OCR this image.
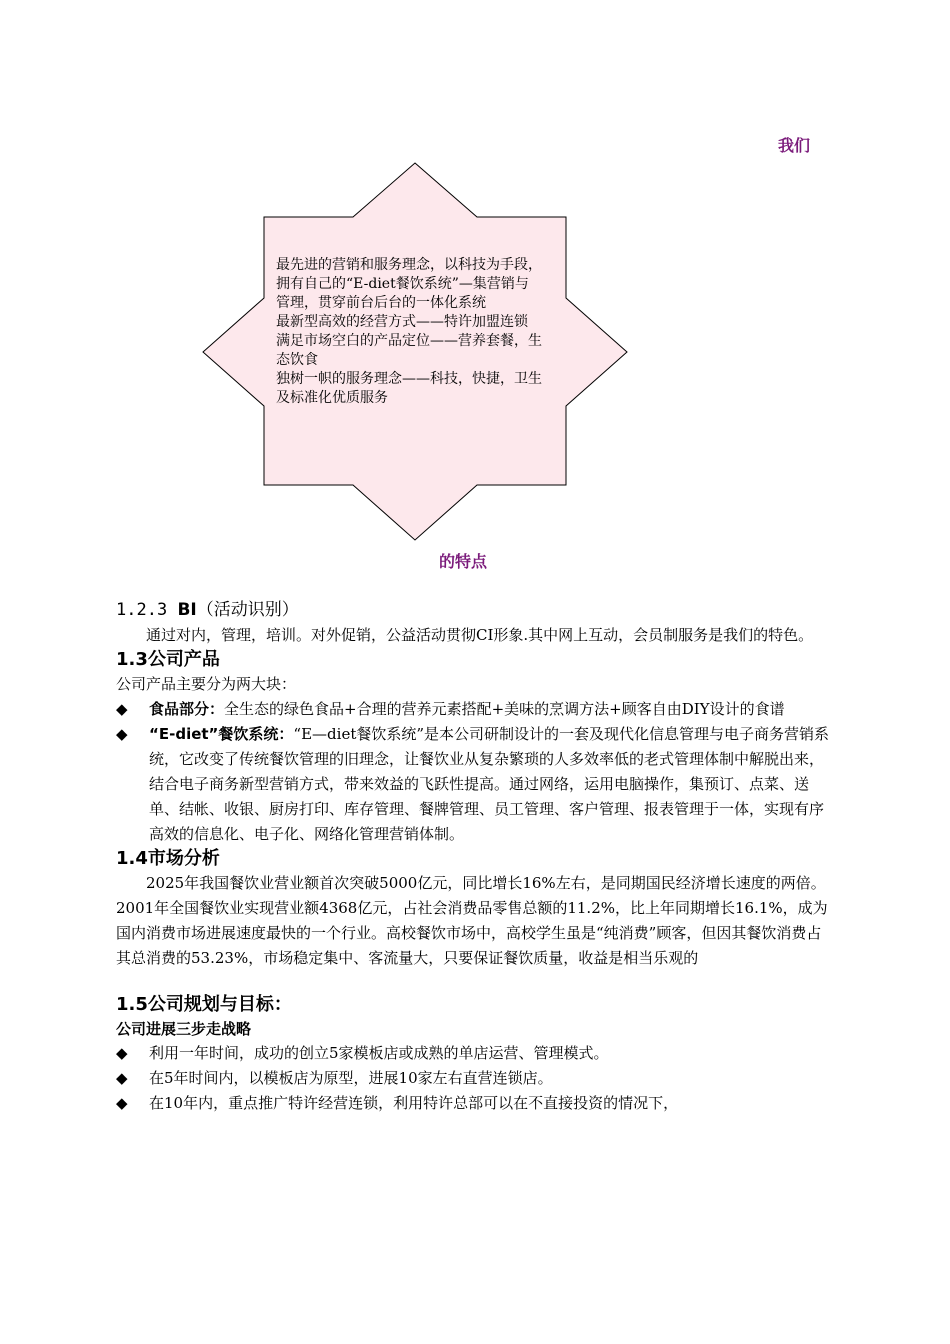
我们
最先进的营销和服务理念，以科技为手段，
拥有自己的“E-diet餐饮系统”—集营销与
管理，贯穿前台后台的一体化系统
最新型高效的经营方式——特许加盟连锁
满足市场空白的产品定位——营养套餐，生
态饮食
独树一帜的服务理念——科技，快捷，卫生
及标准化优质服务
的特点
1.2.3 BI（活动识别）
通过对内，管理，培训。对外促销，公益活动贯彻CI形象.其中网上互动，会员制服务是我们的特色。
1.3公司产品
公司产品主要分为两大块：
◆ 食品部分：全生态的绿色食品+合理的营养元素搭配+美味的烹调方法+顾客自由DIY设计的食谱
◆ “E-diet”餐饮系统：“E—diet餐饮系统”是本公司研制设计的一套及现代化信息管理与电子商务营销系统，它改变了传统餐饮管理的旧理念，让餐饮业从复杂繁琐的人多效率低的老式管理体制中解脱出来，结合电子商务新型营销方式，带来效益的飞跃性提高。通过网络，运用电脑操作，集预订、点菜、送单、结帐、收银、厨房打印、库存管理、餐牌管理、员工管理、客户管理、报表管理于一体，实现有序高效的信息化、电子化、网络化管理营销体制。
1.4市场分析
2025年我国餐饮业营业额首次突破5000亿元，同比增长16%左右，是同期国民经济增长速度的两倍。 2001年全国餐饮业实现营业额4368亿元，占社会消费品零售总额的11.2%，比上年同期增长16.1%，成为国内消费市场进展速度最快的一个行业。高校餐饮市场中，高校学生虽是“纯消费”顾客，但因其餐饮消费占其总消费的53.23%，市场稳定集中、客流量大，只要保证餐饮质量，收益是相当乐观的
1.5公司规划与目标：
公司进展三步走战略
◆ 利用一年时间，成功的创立5家模板店或成熟的单店运营、管理模式。
◆ 在5年时间内，以模板店为原型，进展10家左右直营连锁店。
◆ 在10年内，重点推广特许经营连锁，利用特许总部可以在不直接投资的情况下，
